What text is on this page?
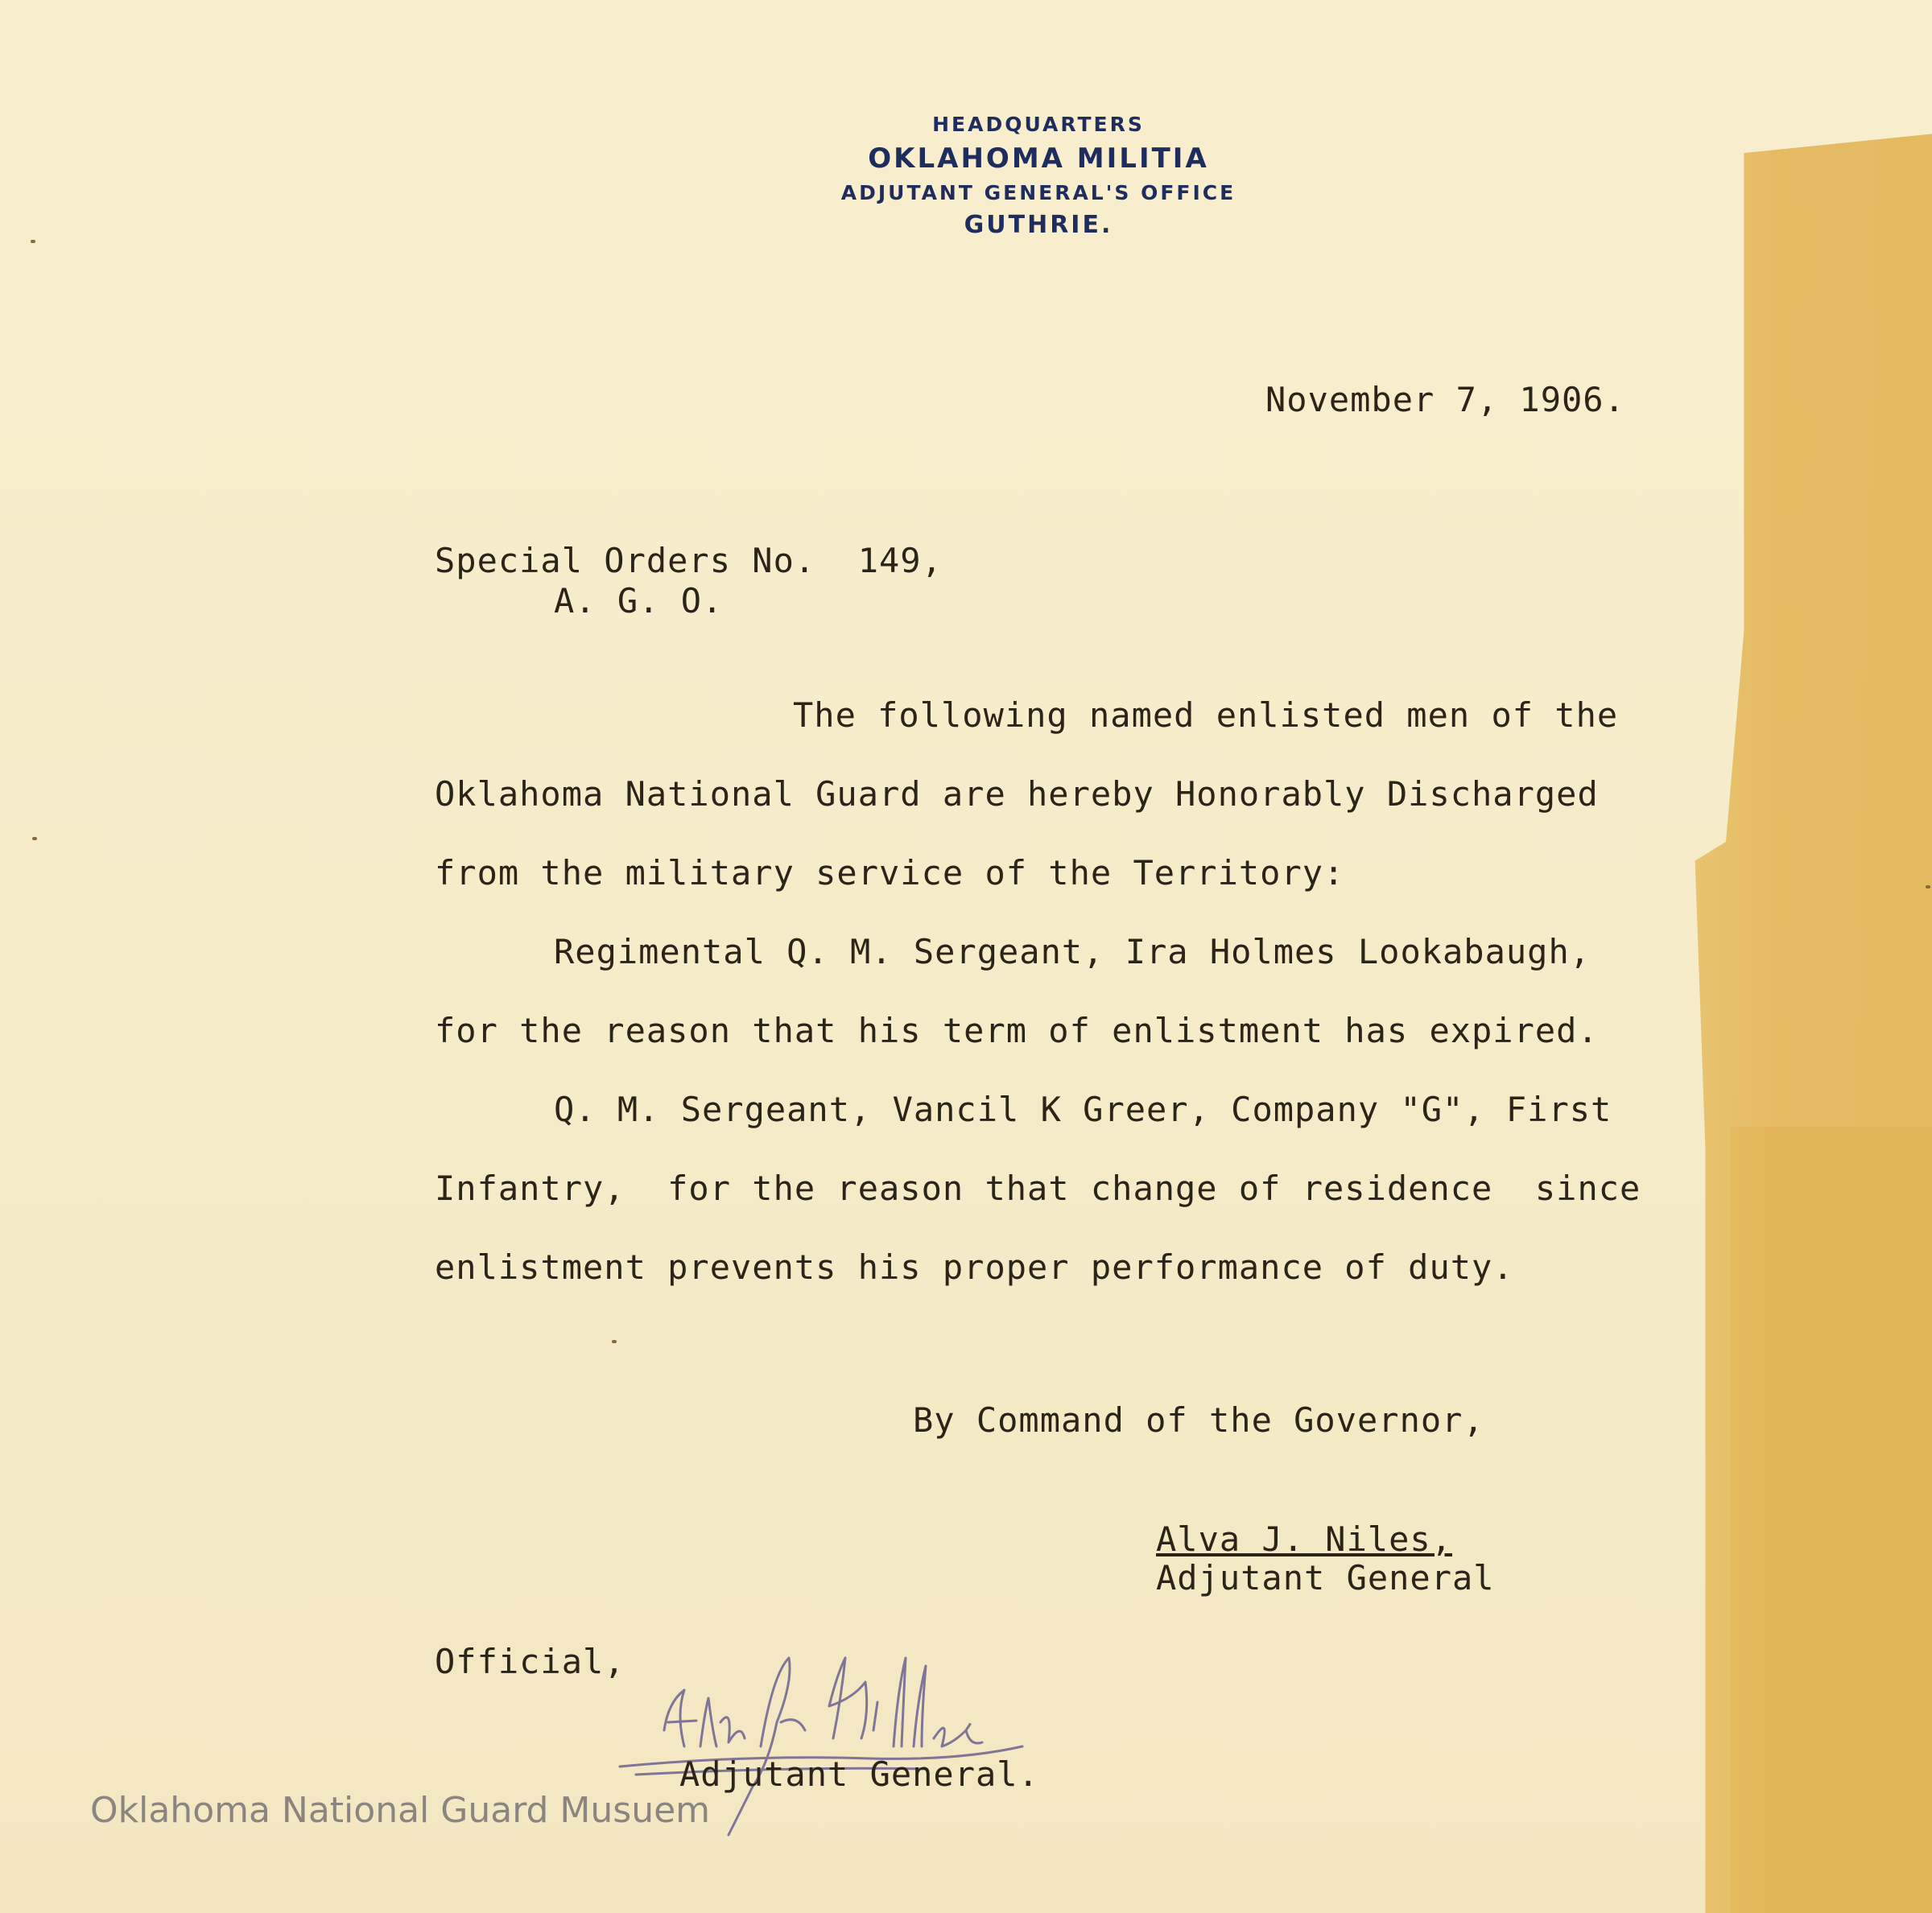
HEADQUARTERS
OKLAHOMA MILITIA
ADJUTANT GENERAL'S OFFICE
GUTHRIE.
November 7, 1906.
Special Orders No.  149,
A. G. O.
The following named enlisted men of the
Oklahoma National Guard are hereby Honorably Discharged
from the military service of the Territory:
Regimental Q. M. Sergeant, Ira Holmes Lookabaugh,
for the reason that his term of enlistment has expired.
Q. M. Sergeant, Vancil K Greer, Company "G", First
Infantry,  for the reason that change of residence  since
enlistment prevents his proper performance of duty.
By Command of the Governor,
Alva J. Niles,
Adjutant General
Official,
Adjutant General.
Oklahoma National Guard Musuem
